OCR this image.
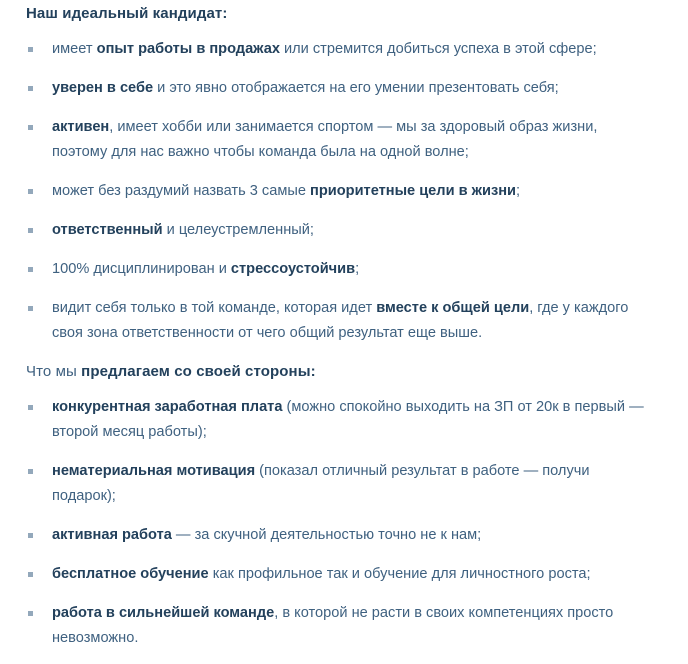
Наш идеальный кандидат:

имеет опыт работы в продажах или стремится добиться успеха в этой сфере;
уверен в себе и это явно отображается на его умении презентовать себя;
активен, имеет хобби или занимается спортом — мы за здоровый образ жизни, поэтому для нас важно чтобы команда была на одной волне;
может без раздумий назвать 3 самые приоритетные цели в жизни;
ответственный и целеустремленный;
100% дисциплинирован и стрессоустойчив;
видит себя только в той команде, которая идет вместе к общей цели, где у каждого своя зона ответственности от чего общий результат еще выше.

Что мы предлагаем со своей стороны:

конкурентная заработная плата (можно спокойно выходить на ЗП от 20к в первый — второй месяц работы);
нематериальная мотивация (показал отличный результат в работе — получи подарок);
активная работа — за скучной деятельностью точно не к нам;
бесплатное обучение как профильное так и обучение для личностного роста;
работа в сильнейшей команде, в которой не расти в своих компетенциях просто невозможно.
